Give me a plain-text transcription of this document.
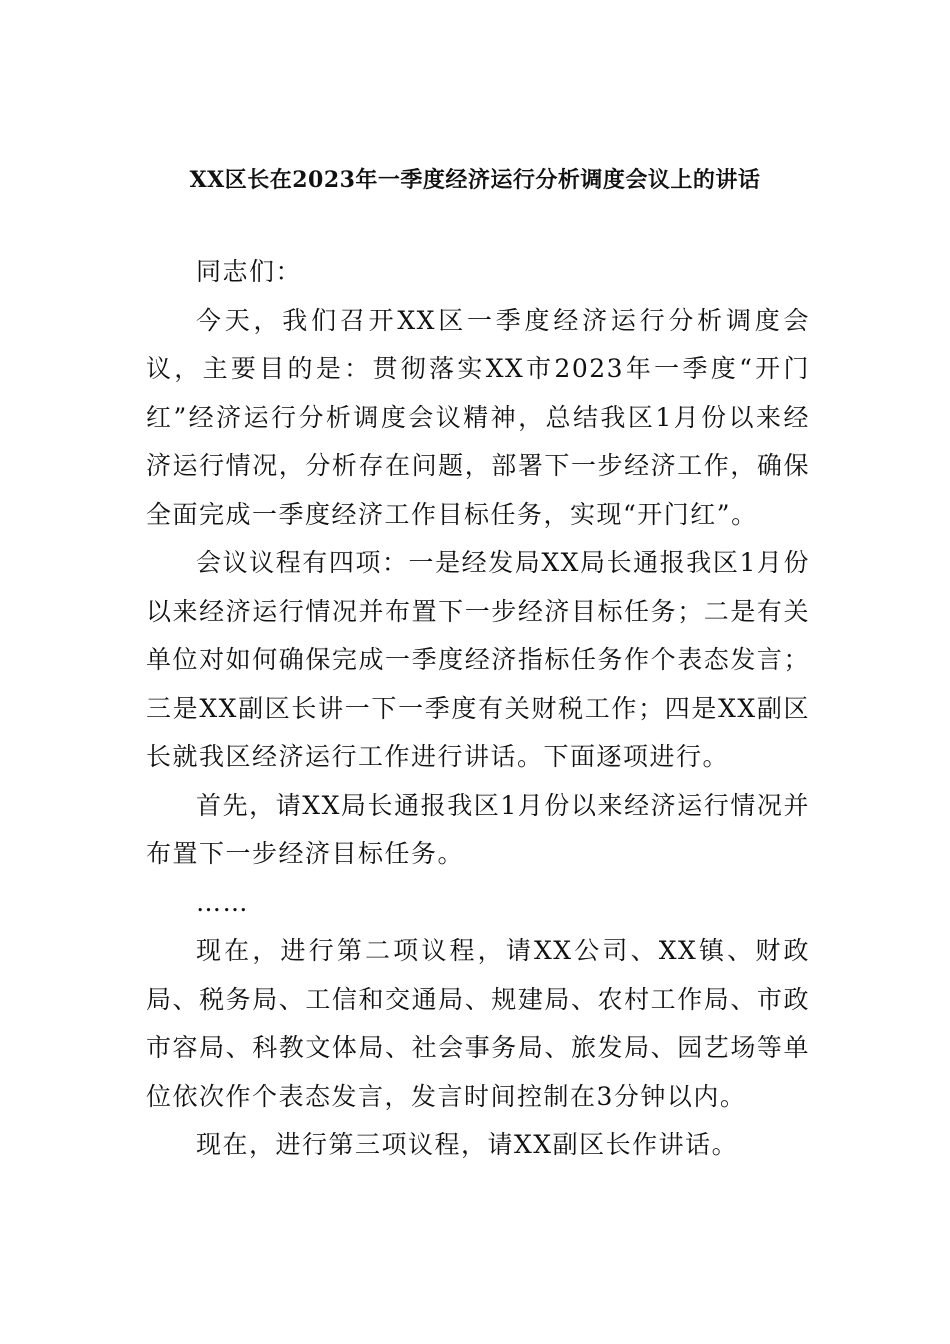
XX区长在2023年一季度经济运行分析调度会议上的讲话

同志们：

今天，我们召开XX区一季度经济运行分析调度会议，主要目的是：贯彻落实XX市2023年一季度“开门红”经济运行分析调度会议精神，总结我区1月份以来经济运行情况，分析存在问题，部署下一步经济工作，确保全面完成一季度经济工作目标任务，实现“开门红”。

会议议程有四项：一是经发局XX局长通报我区1月份以来经济运行情况并布置下一步经济目标任务；二是有关单位对如何确保完成一季度经济指标任务作个表态发言；三是XX副区长讲一下一季度有关财税工作；四是XX副区长就我区经济运行工作进行讲话。下面逐项进行。

首先，请XX局长通报我区1月份以来经济运行情况并布置下一步经济目标任务。

……

现在，进行第二项议程，请XX公司、XX镇、财政局、税务局、工信和交通局、规建局、农村工作局、市政市容局、科教文体局、社会事务局、旅发局、园艺场等单位依次作个表态发言，发言时间控制在3分钟以内。

现在，进行第三项议程，请XX副区长作讲话。
